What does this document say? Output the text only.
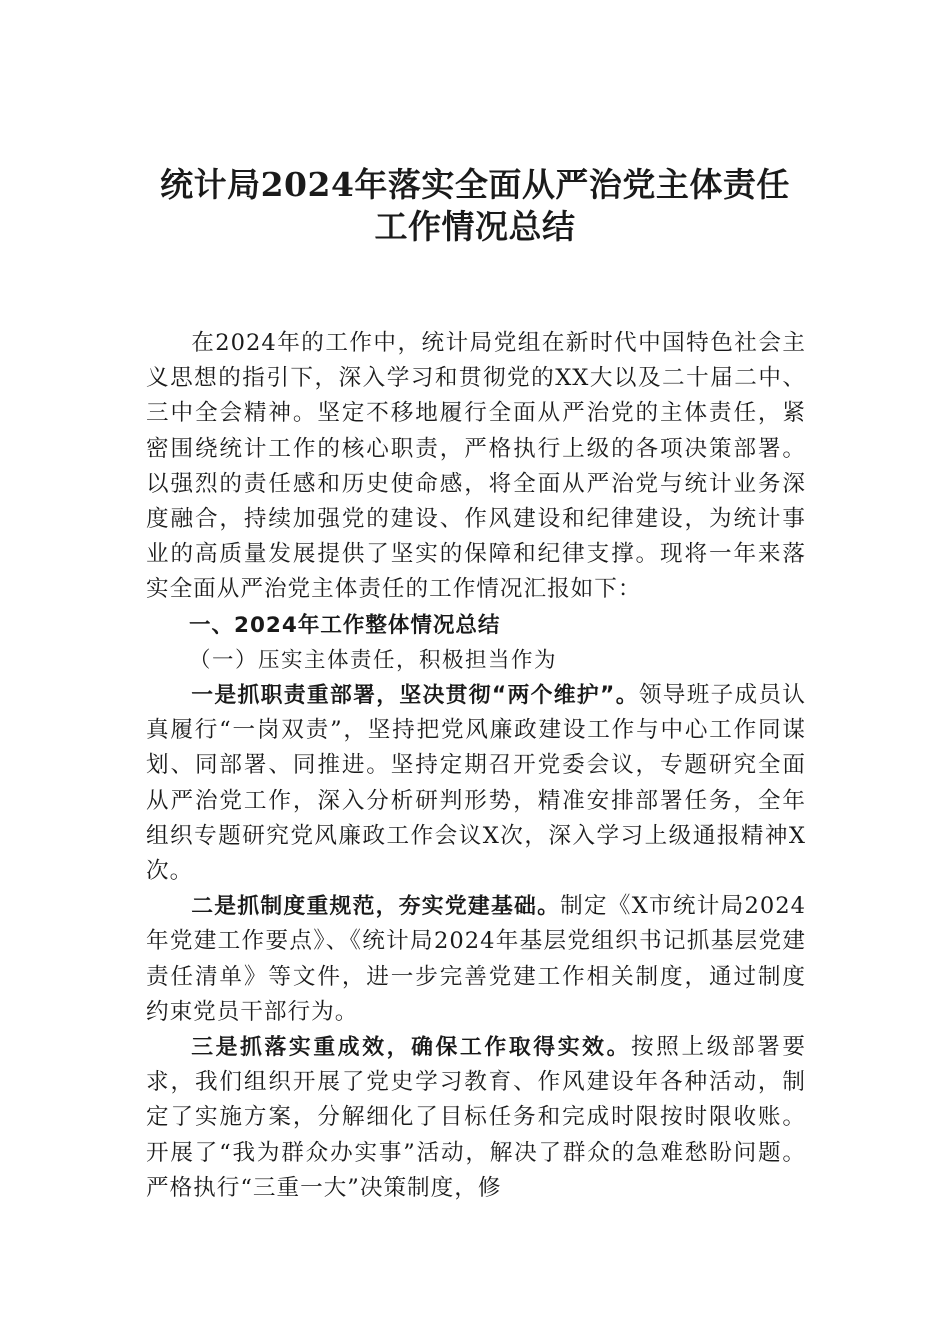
统计局2024年落实全面从严治党主体责任
工作情况总结

在2024年的工作中，统计局党组在新时代中国特色社会主义思想的指引下，深入学习和贯彻党的XX大以及二十届二中、三中全会精神。坚定不移地履行全面从严治党的主体责任，紧密围绕统计工作的核心职责，严格执行上级的各项决策部署。以强烈的责任感和历史使命感，将全面从严治党与统计业务深度融合，持续加强党的建设、作风建设和纪律建设，为统计事业的高质量发展提供了坚实的保障和纪律支撑。现将一年来落实全面从严治党主体责任的工作情况汇报如下：

一、2024年工作整体情况总结

（一）压实主体责任，积极担当作为

一是抓职责重部署，坚决贯彻“两个维护”。领导班子成员认真履行“一岗双责”，坚持把党风廉政建设工作与中心工作同谋划、同部署、同推进。坚持定期召开党委会议，专题研究全面从严治党工作，深入分析研判形势，精准安排部署任务，全年组织专题研究党风廉政工作会议X次，深入学习上级通报精神X次。

二是抓制度重规范，夯实党建基础。制定《X市统计局2024年党建工作要点》、《统计局2024年基层党组织书记抓基层党建责任清单》等文件，进一步完善党建工作相关制度，通过制度约束党员干部行为。

三是抓落实重成效，确保工作取得实效。按照上级部署要求，我们组织开展了党史学习教育、作风建设年各种活动，制定了实施方案，分解细化了目标任务和完成时限按时限收账。开展了“我为群众办实事”活动，解决了群众的急难愁盼问题。严格执行“三重一大”决策制度，修
